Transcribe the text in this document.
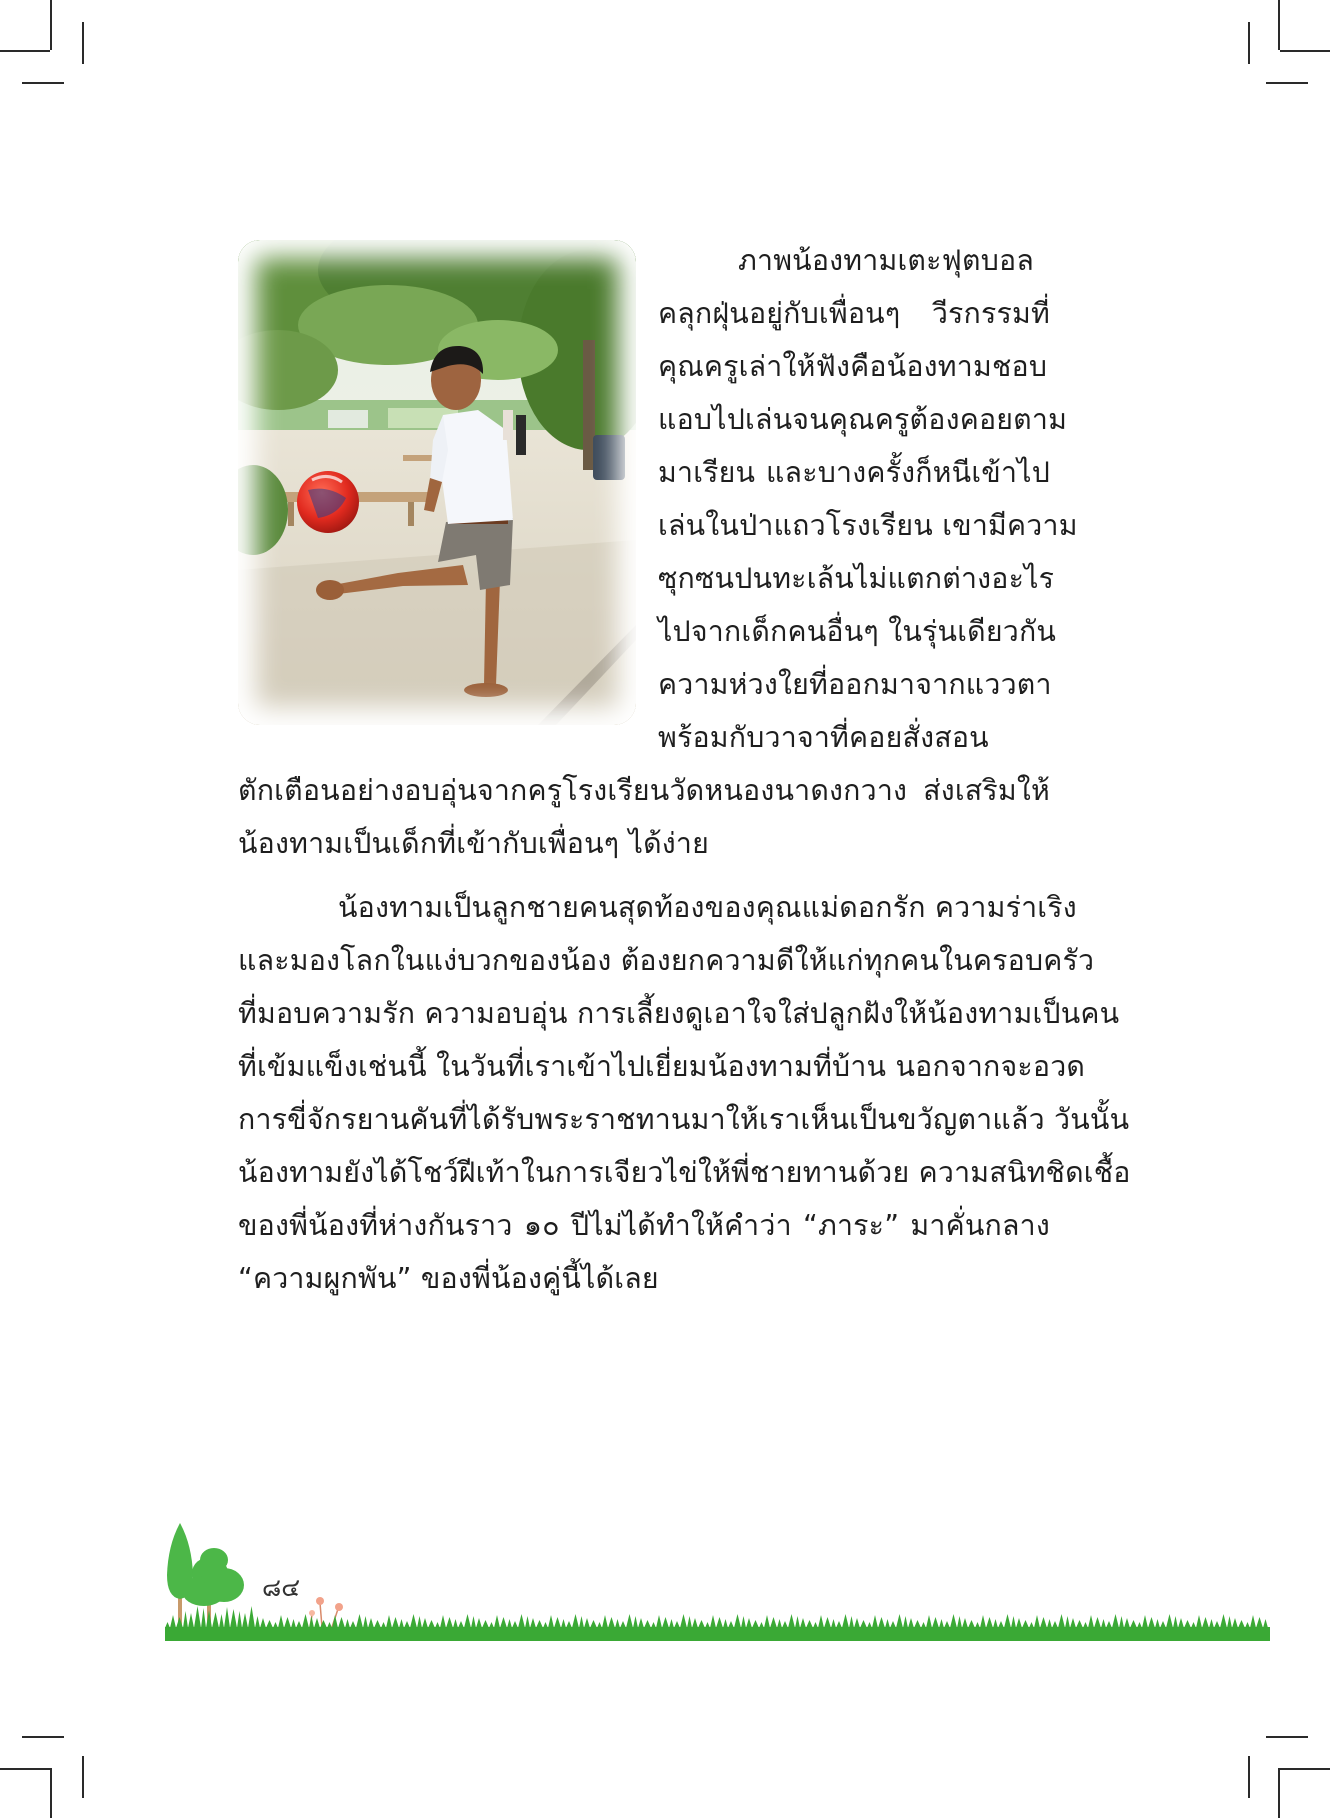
ภาพน้องทามเตะฟุตบอล

คลุกฝุ่นอยู่กับเพื่อนๆ วีรกรรมที่

คุณครูเล่าให้ฟังคือน้องทามชอบ

แอบไปเล่นจนคุณครูต้องคอยตาม

มาเรียน และบางครั้งก็หนีเข้าไป

เล่นในป่าแถวโรงเรียน เขามีความ

ซุกซนปนทะเล้นไม่แตกต่างอะไร

ไปจากเด็กคนอื่นๆ ในรุ่นเดียวกัน

ความห่วงใยที่ออกมาจากแววตา

พร้อมกับวาจาที่คอยสั่งสอน

ตักเตือนอย่างอบอุ่นจากครูโรงเรียนวัดหนองนาดงกวาง ส่งเสริมให้

น้องทามเป็นเด็กที่เข้ากับเพื่อนๆ ได้ง่าย

น้องทามเป็นลูกชายคนสุดท้องของคุณแม่ดอกรัก ความร่าเริง

และมองโลกในแง่บวกของน้อง ต้องยกความดีให้แก่ทุกคนในครอบครัว

ที่มอบความรัก ความอบอุ่น การเลี้ยงดูเอาใจใส่ปลูกฝังให้น้องทามเป็นคน

ที่เข้มแข็งเช่นนี้ ในวันที่เราเข้าไปเยี่ยมน้องทามที่บ้าน นอกจากจะอวด

การขี่จักรยานคันที่ได้รับพระราชทานมาให้เราเห็นเป็นขวัญตาแล้ว วันนั้น

น้องทามยังได้โชว์ฝีเท้าในการเจียวไข่ให้พี่ชายทานด้วย ความสนิทชิดเชื้อ

ของพี่น้องที่ห่างกันราว ๑๐ ปีไม่ได้ทำให้คำว่า “ภาระ” มาคั่นกลาง

“ความผูกพัน” ของพี่น้องคู่นี้ได้เลย

๘๔
